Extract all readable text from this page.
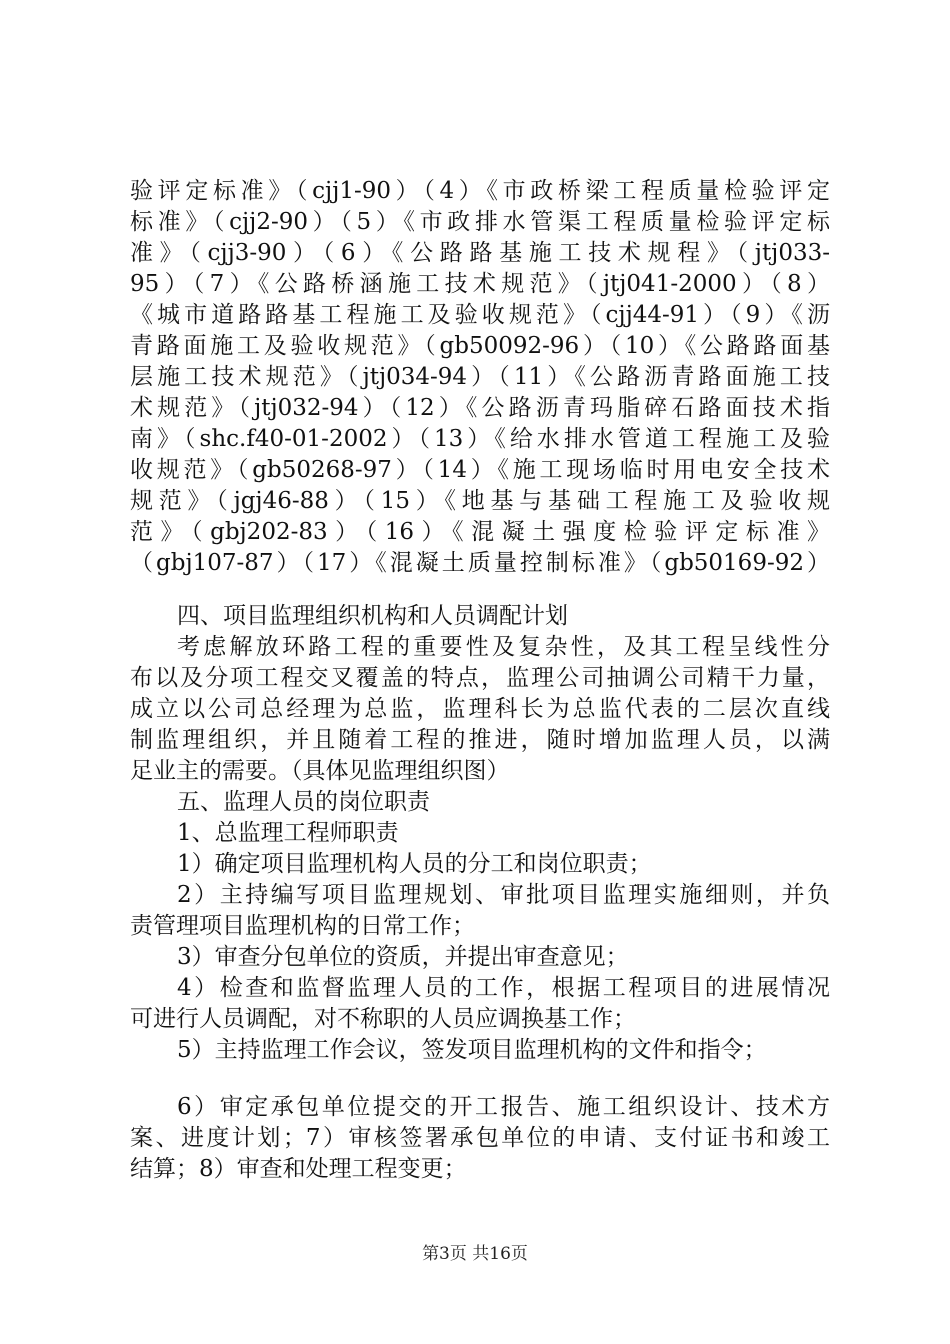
验评定标准》（cjj1-90）（4）《市政桥梁工程质量检验评定
标准》（cjj2-90）（5）《市政排水管渠工程质量检验评定标
准》（cjj3-90）（6）《公路路基施工技术规程》（jtj033-
95）（7）《公路桥涵施工技术规范》（jtj041-2000）（8）
《城市道路路基工程施工及验收规范》（cjj44-91）（9）《沥
青路面施工及验收规范》（gb50092-96）（10）《公路路面基
层施工技术规范》（jtj034-94）（11）《公路沥青路面施工技
术规范》（jtj032-94）（12）《公路沥青玛脂碎石路面技术指
南》（shc.f40-01-2002）（13）《给水排水管道工程施工及验
收规范》（gb50268-97）（14）《施工现场临时用电安全技术
规范》（jgj46-88）（15）《地基与基础工程施工及验收规
范》（gbj202-83）（16）《混凝土强度检验评定标准》
（gbj107-87）（17）《混凝土质量控制标准》（gb50169-92）
四、项目监理组织机构和人员调配计划
考虑解放环路工程的重要性及复杂性，及其工程呈线性分
布以及分项工程交叉覆盖的特点，监理公司抽调公司精干力量，
成立以公司总经理为总监，监理科长为总监代表的二层次直线
制监理组织，并且随着工程的推进，随时增加监理人员，以满
足业主的需要。（具体见监理组织图）
五、监理人员的岗位职责
1、总监理工程师职责
1）确定项目监理机构人员的分工和岗位职责；
2）主持编写项目监理规划、审批项目监理实施细则，并负
责管理项目监理机构的日常工作；
3）审查分包单位的资质，并提出审查意见；
4）检查和监督监理人员的工作，根据工程项目的进展情况
可进行人员调配，对不称职的人员应调换基工作；
5）主持监理工作会议，签发项目监理机构的文件和指令；
6）审定承包单位提交的开工报告、施工组织设计、技术方
案、进度计划；7）审核签署承包单位的申请、支付证书和竣工
结算；8）审查和处理工程变更；
第3页 共16页
